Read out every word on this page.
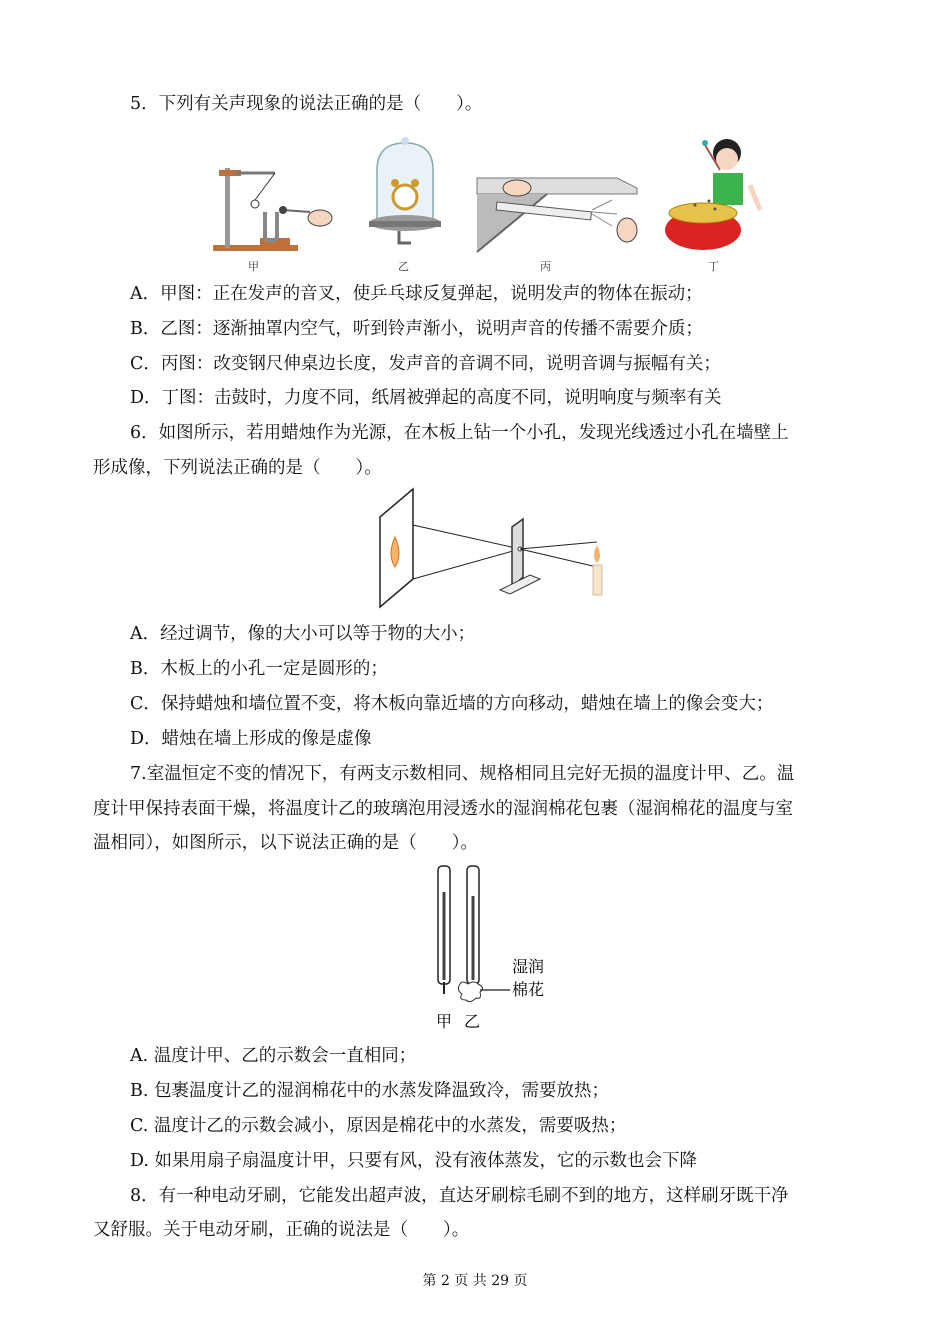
5．下列有关声现象的说法正确的是（　　）。
甲	乙	丙	丁
A．甲图：正在发声的音叉，使乒乓球反复弹起，说明发声的物体在振动；
B．乙图：逐渐抽罩内空气，听到铃声渐小，说明声音的传播不需要介质；
C．丙图：改变钢尺伸桌边长度，发声音的音调不同，说明音调与振幅有关；
D．丁图：击鼓时，力度不同，纸屑被弹起的高度不同，说明响度与频率有关
6．如图所示，若用蜡烛作为光源，在木板上钻一个小孔，发现光线透过小孔在墙壁上
形成像，下列说法正确的是（　　）。
A．经过调节，像的大小可以等于物的大小；
B．木板上的小孔一定是圆形的；
C．保持蜡烛和墙位置不变，将木板向靠近墙的方向移动，蜡烛在墙上的像会变大；
D．蜡烛在墙上形成的像是虚像
7.室温恒定不变的情况下，有两支示数相同、规格相同且完好无损的温度计甲、乙。温
度计甲保持表面干燥，将温度计乙的玻璃泡用浸透水的湿润棉花包裹（湿润棉花的温度与室
温相同），如图所示，以下说法正确的是（　　）。
湿润
棉花
甲 乙
A. 温度计甲、乙的示数会一直相同；
B. 包裹温度计乙的湿润棉花中的水蒸发降温致冷，需要放热；
C. 温度计乙的示数会减小，原因是棉花中的水蒸发，需要吸热；
D. 如果用扇子扇温度计甲，只要有风，没有液体蒸发，它的示数也会下降
8．有一种电动牙刷，它能发出超声波，直达牙刷棕毛刷不到的地方，这样刷牙既干净
又舒服。关于电动牙刷，正确的说法是（　　）。
第 2 页 共 29 页
